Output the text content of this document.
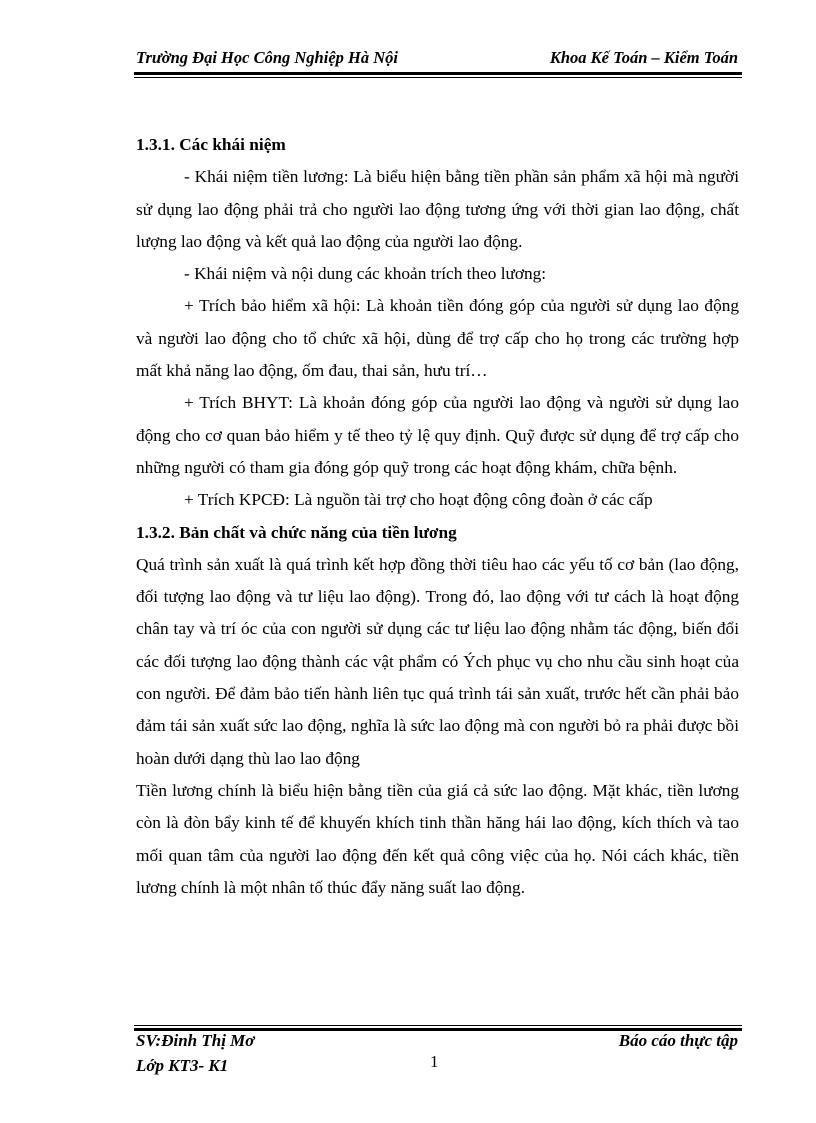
Trường Đại Học Công Nghiệp Hà Nội	Khoa Kế Toán – Kiểm Toán

1.3.1. Các khái niệm

- Khái niệm tiền lương: Là biểu hiện bằng tiền phần sản phẩm xã hội mà người sử dụng lao động phải trả cho người lao động tương ứng với thời gian lao động, chất lượng lao động và kết quả lao động của người lao động.

- Khái niệm và nội dung các khoản trích theo lương:

+ Trích bảo hiểm xã hội: Là khoản tiền đóng góp của người sử dụng lao động và người lao động cho tổ chức xã hội, dùng để trợ cấp cho họ trong các trường hợp mất khả năng lao động, ốm đau, thai sản, hưu trí…

+ Trích BHYT: Là khoản đóng góp của người lao động và người sử dụng lao động cho cơ quan bảo hiểm y tế theo tỷ lệ quy định. Quỹ được sử dụng để trợ cấp cho những người có tham gia đóng góp quỹ trong các hoạt động khám, chữa bệnh.

+ Trích KPCĐ: Là nguồn tài trợ cho hoạt động công đoàn ở các cấp

1.3.2. Bản chất và chức năng của tiền lương

Quá trình sản xuất là quá trình kết hợp đồng thời tiêu hao các yếu tố cơ bản (lao động, đối tượng lao động và tư liệu lao động). Trong đó, lao động với tư cách là hoạt động chân tay và trí óc của con người sử dụng các tư liệu lao động nhằm tác động, biến đổi các đối tượng lao động thành các vật phẩm có Ých phục vụ cho nhu cầu sinh hoạt của con người. Để đảm bảo tiến hành liên tục quá trình tái sản xuất, trước hết cần phải bảo đảm tái sản xuất sức lao động, nghĩa là sức lao động mà con người bỏ ra phải được bồi hoàn dưới dạng thù lao lao động

Tiền lương chính là biểu hiện bằng tiền của giá cả sức lao động. Mặt khác, tiền lương còn là đòn bẩy kinh tế để khuyến khích tinh thần hăng hái lao động, kích thích và tao mối quan tâm của người lao động đến kết quả công việc của họ. Nói cách khác, tiền lương chính là một nhân tố thúc đẩy năng suất lao động.

SV:Đinh Thị Mơ
Lớp KT3- K1	1
Báo cáo thực tập
